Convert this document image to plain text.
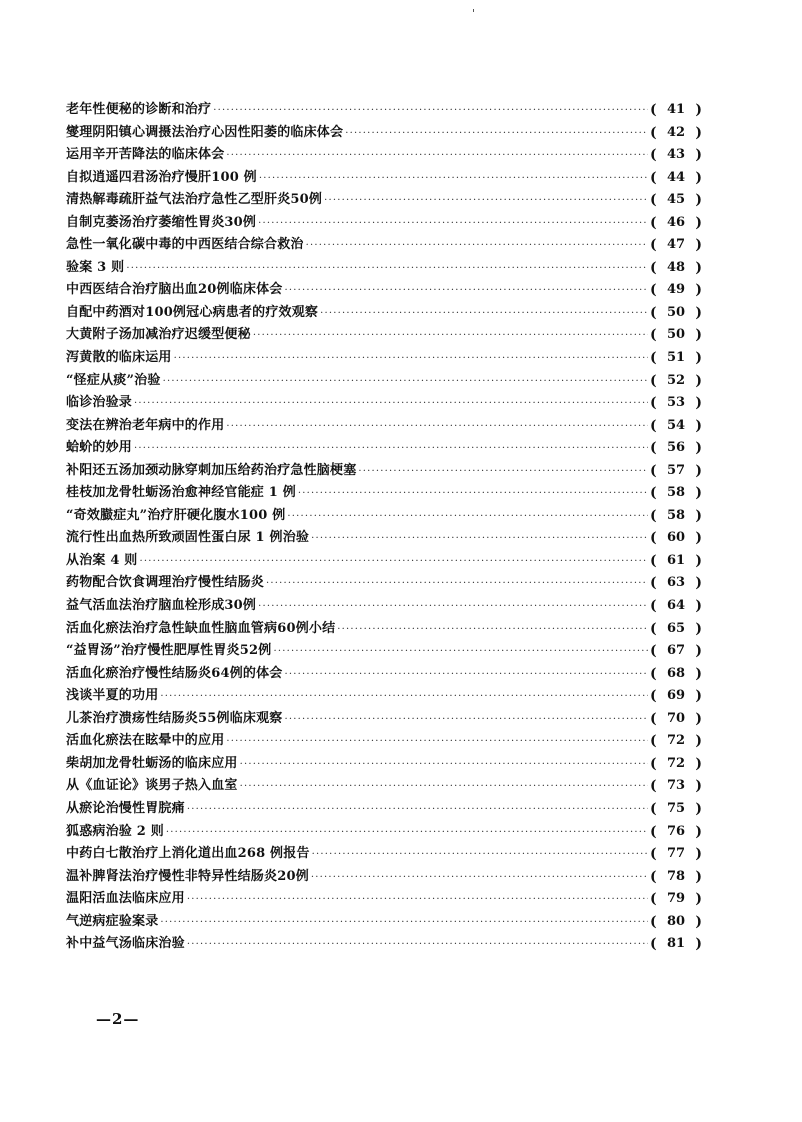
老年性便秘的诊断和治疗 ·····	( 41 )
燮理阴阳镇心调摄法治疗心因性阳萎的临床体会 ·····	( 42 )
运用辛开苦降法的临床体会 ·····	( 43 )
自拟逍遥四君汤治疗慢肝100 例 ·····	( 44 )
清热解毒疏肝益气法治疗急性乙型肝炎50例 ·····	( 45 )
自制克萎汤治疗萎缩性胃炎30例 ·····	( 46 )
急性一氧化碳中毒的中西医结合综合救治 ·····	( 47 )
验案 3 则 ·····	( 48 )
中西医结合治疗脑出血20例临床体会 ·····	( 49 )
自配中药酒对100例冠心病患者的疗效观察 ·····	( 50 )
大黄附子汤加减治疗迟缓型便秘 ·····	( 50 )
泻黄散的临床运用 ·····	( 51 )
“怪症从痰”治验 ·····	( 52 )
临诊治验录 ·····	( 53 )
变法在辨治老年病中的作用 ·····	( 54 )
蛤蚧的妙用 ·····	( 56 )
补阳还五汤加颈动脉穿刺加压给药治疗急性脑梗塞 ·····	( 57 )
桂枝加龙骨牡蛎汤治愈神经官能症 1 例 ·····	( 58 )
“奇效臌症丸”治疗肝硬化腹水100 例 ·····	( 58 )
流行性出血热所致顽固性蛋白尿 1 例治验 ·····	( 60 )
从治案 4 则 ·····	( 61 )
药物配合饮食调理治疗慢性结肠炎 ·····	( 63 )
益气活血法治疗脑血栓形成30例 ·····	( 64 )
活血化瘀法治疗急性缺血性脑血管病60例小结 ·····	( 65 )
“益胃汤”治疗慢性肥厚性胃炎52例 ·····	( 67 )
活血化瘀治疗慢性结肠炎64例的体会 ·····	( 68 )
浅谈半夏的功用 ·····	( 69 )
儿茶治疗溃疡性结肠炎55例临床观察 ·····	( 70 )
活血化瘀法在眩晕中的应用 ·····	( 72 )
柴胡加龙骨牡蛎汤的临床应用 ·····	( 72 )
从《血证论》谈男子热入血室 ·····	( 73 )
从瘀论治慢性胃脘痛 ·····	( 75 )
狐惑病治验 2 则 ·····	( 76 )
中药白七散治疗上消化道出血268 例报告 ·····	( 77 )
温补脾肾法治疗慢性非特异性结肠炎20例 ·····	( 78 )
温阳活血法临床应用 ·····	( 79 )
气逆病症验案录 ·····	( 80 )
补中益气汤临床治验 ·····	( 81 )
—2—
